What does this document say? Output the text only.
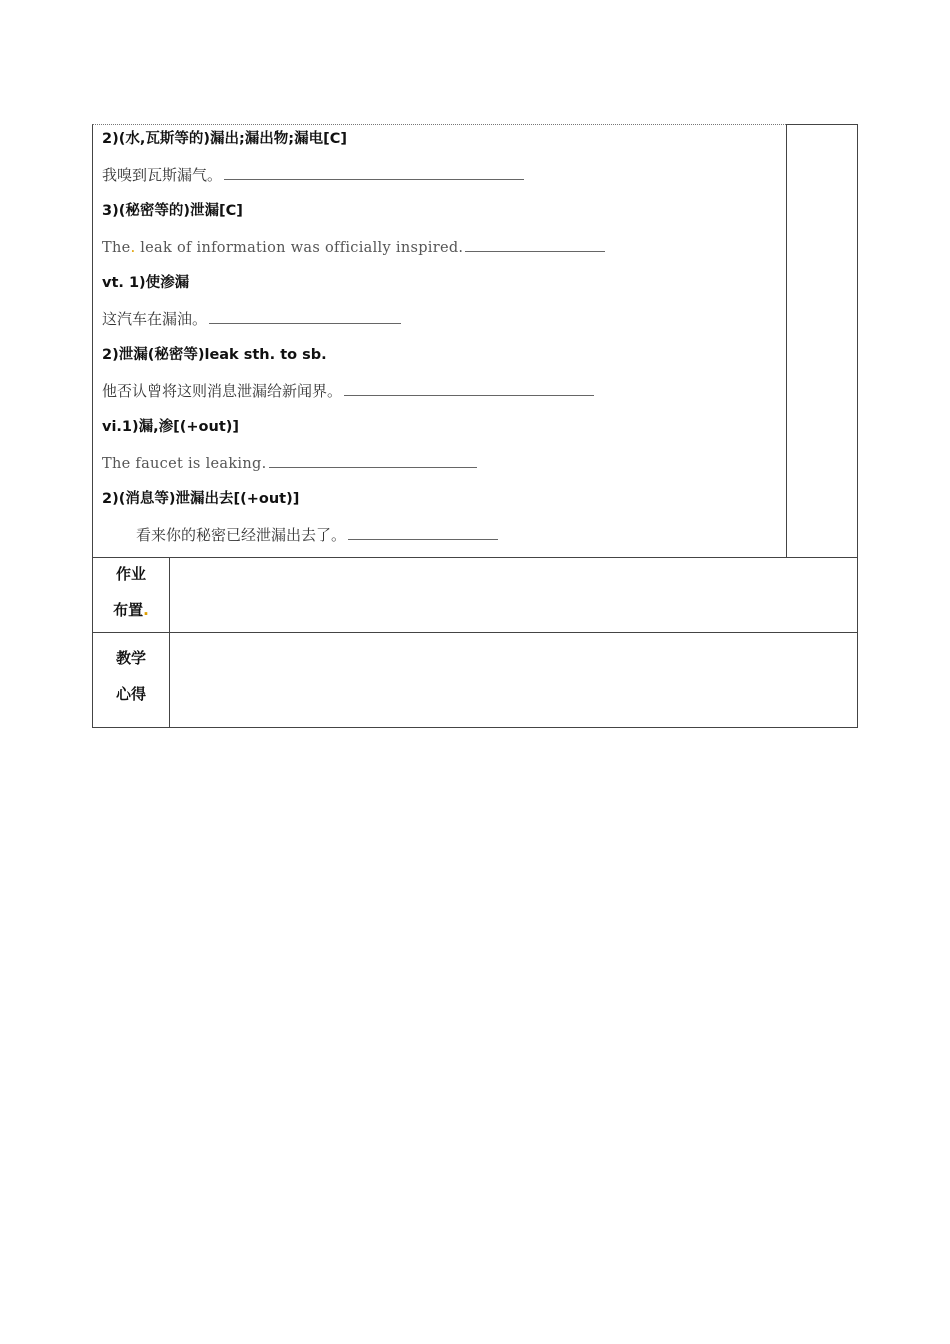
2)(水,瓦斯等的)漏出;漏出物;漏电[C]
我嗅到瓦斯漏气。
3)(秘密等的)泄漏[C]
The. leak of information was officially inspired.
vt. 1)使渗漏
这汽车在漏油。
2)泄漏(秘密等)leak sth. to sb.
他否认曾将这则消息泄漏给新闻界。
vi.1)漏,渗[(+out)]
The faucet is leaking.
2)(消息等)泄漏出去[(+out)]
看来你的秘密已经泄漏出去了。
作业
布置.
教学
心得
